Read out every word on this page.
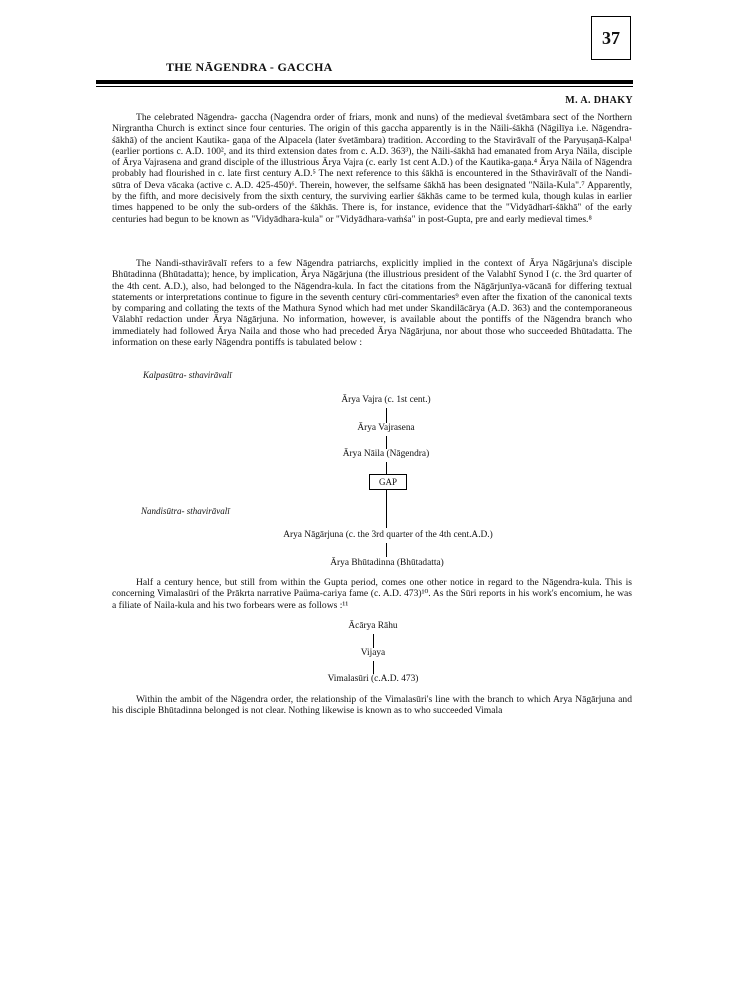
37
THE NĀGENDRA - GACCHA
M. A. DHAKY

The celebrated Nāgendra- gaccha (Nagendra order of friars, monk and nuns) of the medieval śvetāmbara sect of the Northern Nirgrantha Church is extinct since four centuries. The origin of this gaccha apparently is in the Nāili-śākhā (Nāgilīya i.e. Nāgendra- śākhā) of the ancient Kautika- gaṇa of the Alpacela (later śvetāmbara) tradition. According to the Stavirāvalī of the Paryuṣaṇā-Kalpa¹ (earlier portions c. A.D. 100², and its third extension dates from c. A.D. 363³), the Nāili-śākhā had emanated from Arya Nāila, disciple of Ārya Vajrasena and grand disciple of the illustrious Ārya Vajra (c. early 1st cent A.D.) of the Kautika-gaṇa.⁴ Ārya Nāila of Nāgendra probably had flourished in c. late first century A.D.⁵ The next reference to this śākhā is encountered in the Sthavirāvalī of the Nandi-sūtra of Deva vācaka (active c. A.D. 425-450)⁶. Therein, however, the selfsame śākhā has been designated "Nāila-Kula".⁷ Apparently, by the fifth, and more decisively from the sixth century, the surviving earlier śākhās came to be termed kula, though kulas in earlier times happened to be only the sub-orders of the śākhās. There is, for instance, evidence that the "Vidyādharī-śākhā" of the early centuries had begun to be known as "Vidyādhara-kula" or "Vidyādhara-vaṁśa" in post-Gupta, pre and early medieval times.⁸

The Nandi-sthavirāvalī refers to a few Nāgendra patriarchs, explicitly implied in the context of Ārya Nāgārjuna's disciple Bhūtadinna (Bhūtadatta); hence, by implication, Ārya Nāgārjuna (the illustrious president of the Valabhī Synod I (c. the 3rd quarter of the 4th cent. A.D.), also, had belonged to the Nāgendra-kula. In fact the citations from the Nāgārjunīya-vācanā for differing textual statements or interpretations continue to figure in the seventh century cūri-commentaries⁹ even after the fixation of the canonical texts by comparing and collating the texts of the Mathura Synod which had met under Skandilācārya (A.D. 363) and the contemporaneous Vālabhī redaction under Ārya Nāgārjuna. No information, however, is available about the pontiffs of the Nāgendra branch who immediately had followed Ārya Naila and those who had preceded Ārya Nāgārjuna, nor about those who succeeded Bhūtadatta. The information on these early Nāgendra pontiffs is tabulated below :

Kalpasūtra- sthavirāvalī
Ārya Vajra (c. 1st cent.)
Ārya Vajrasena
Ārya Nāila (Nāgendra)
GAP
Nandisūtra- sthavirāvalī
Arya Nāgārjuna (c. the 3rd quarter of the 4th cent.A.D.)
Ārya Bhūtadinna (Bhūtadatta)

Half a century hence, but still from within the Gupta period, comes one other notice in regard to the Nāgendra-kula. This is concerning Vimalasūri of the Prākrta narrative Paüma-cariya fame (c. A.D. 473)¹⁰. As the Sūri reports in his work's encomium, he was a filiate of Naila-kula and his two forbears were as follows :¹¹

Ācārya Rāhu
Vijaya
Vimalasūri (c.A.D. 473)

Within the ambit of the Nāgendra order, the relationship of the Vimalasūri's line with the branch to which Arya Nāgārjuna and his disciple Bhūtadinna belonged is not clear. Nothing likewise is known as to who succeeded Vimala
